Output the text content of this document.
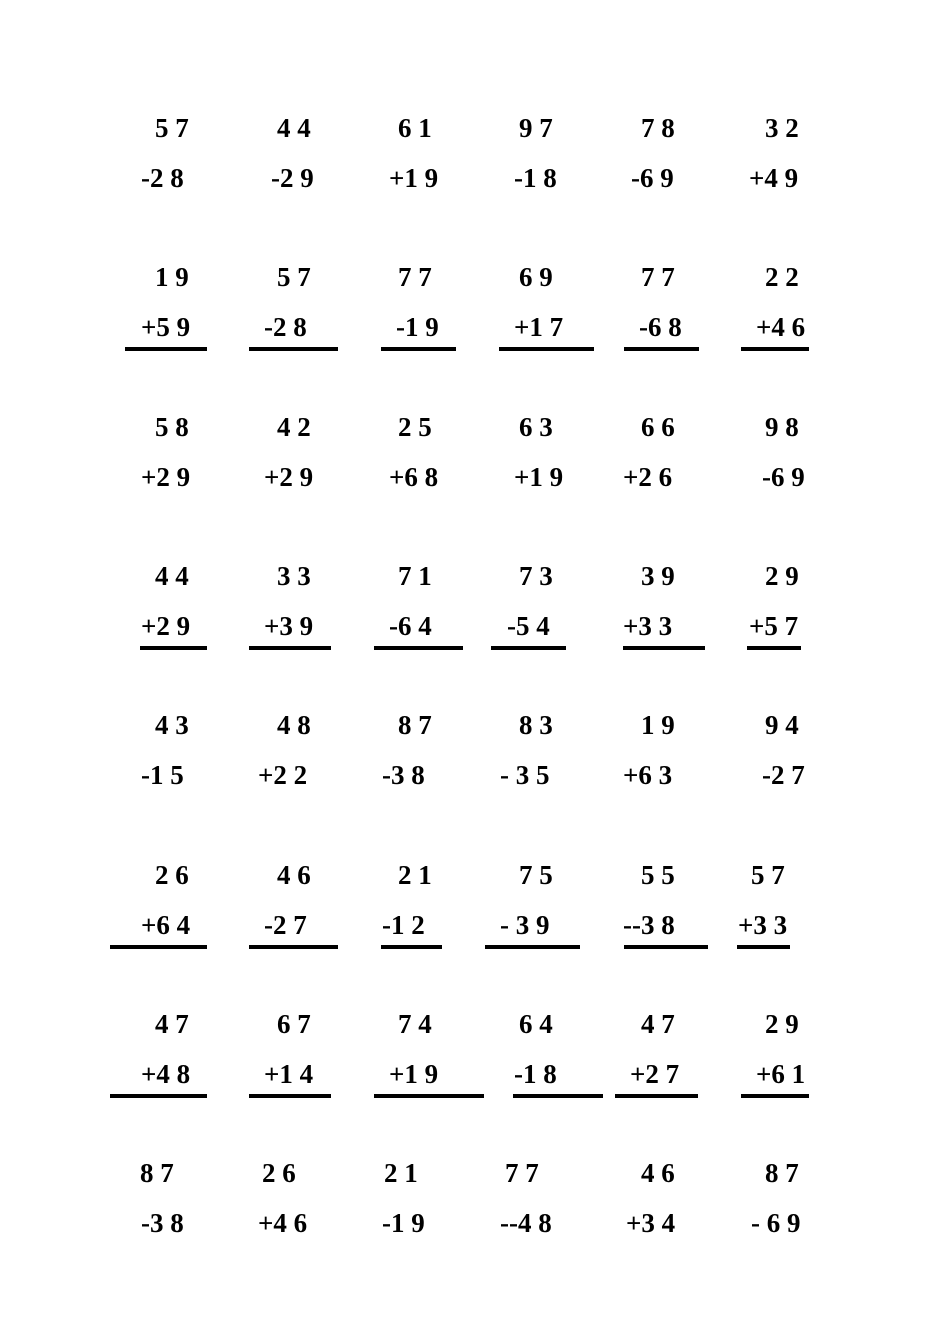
5 7
-2 8
4 4
-2 9
6 1
+1 9
9 7
-1 8
7 8
-6 9
3 2
+4 9
1 9
+5 9
5 7
-2 8
7 7
-1 9
6 9
+1 7
7 7
-6 8
2 2
+4 6
5 8
+2 9
4 2
+2 9
2 5
+6 8
6 3
+1 9
6 6
+2 6
9 8
-6 9
4 4
+2 9
3 3
+3 9
7 1
-6 4
7 3
-5 4
3 9
+3 3
2 9
+5 7
4 3
-1 5
4 8
+2 2
8 7
-3 8
8 3
- 3 5
1 9
+6 3
9 4
-2 7
2 6
+6 4
4 6
-2 7
2 1
-1 2
7 5
- 3 9
5 5
--3 8
5 7
+3 3
4 7
+4 8
6 7
+1 4
7 4
+1 9
6 4
-1 8
4 7
+2 7
2 9
+6 1
8 7
-3 8
2 6
+4 6
2 1
-1 9
7 7
--4 8
4 6
+3 4
8 7
- 6 9
